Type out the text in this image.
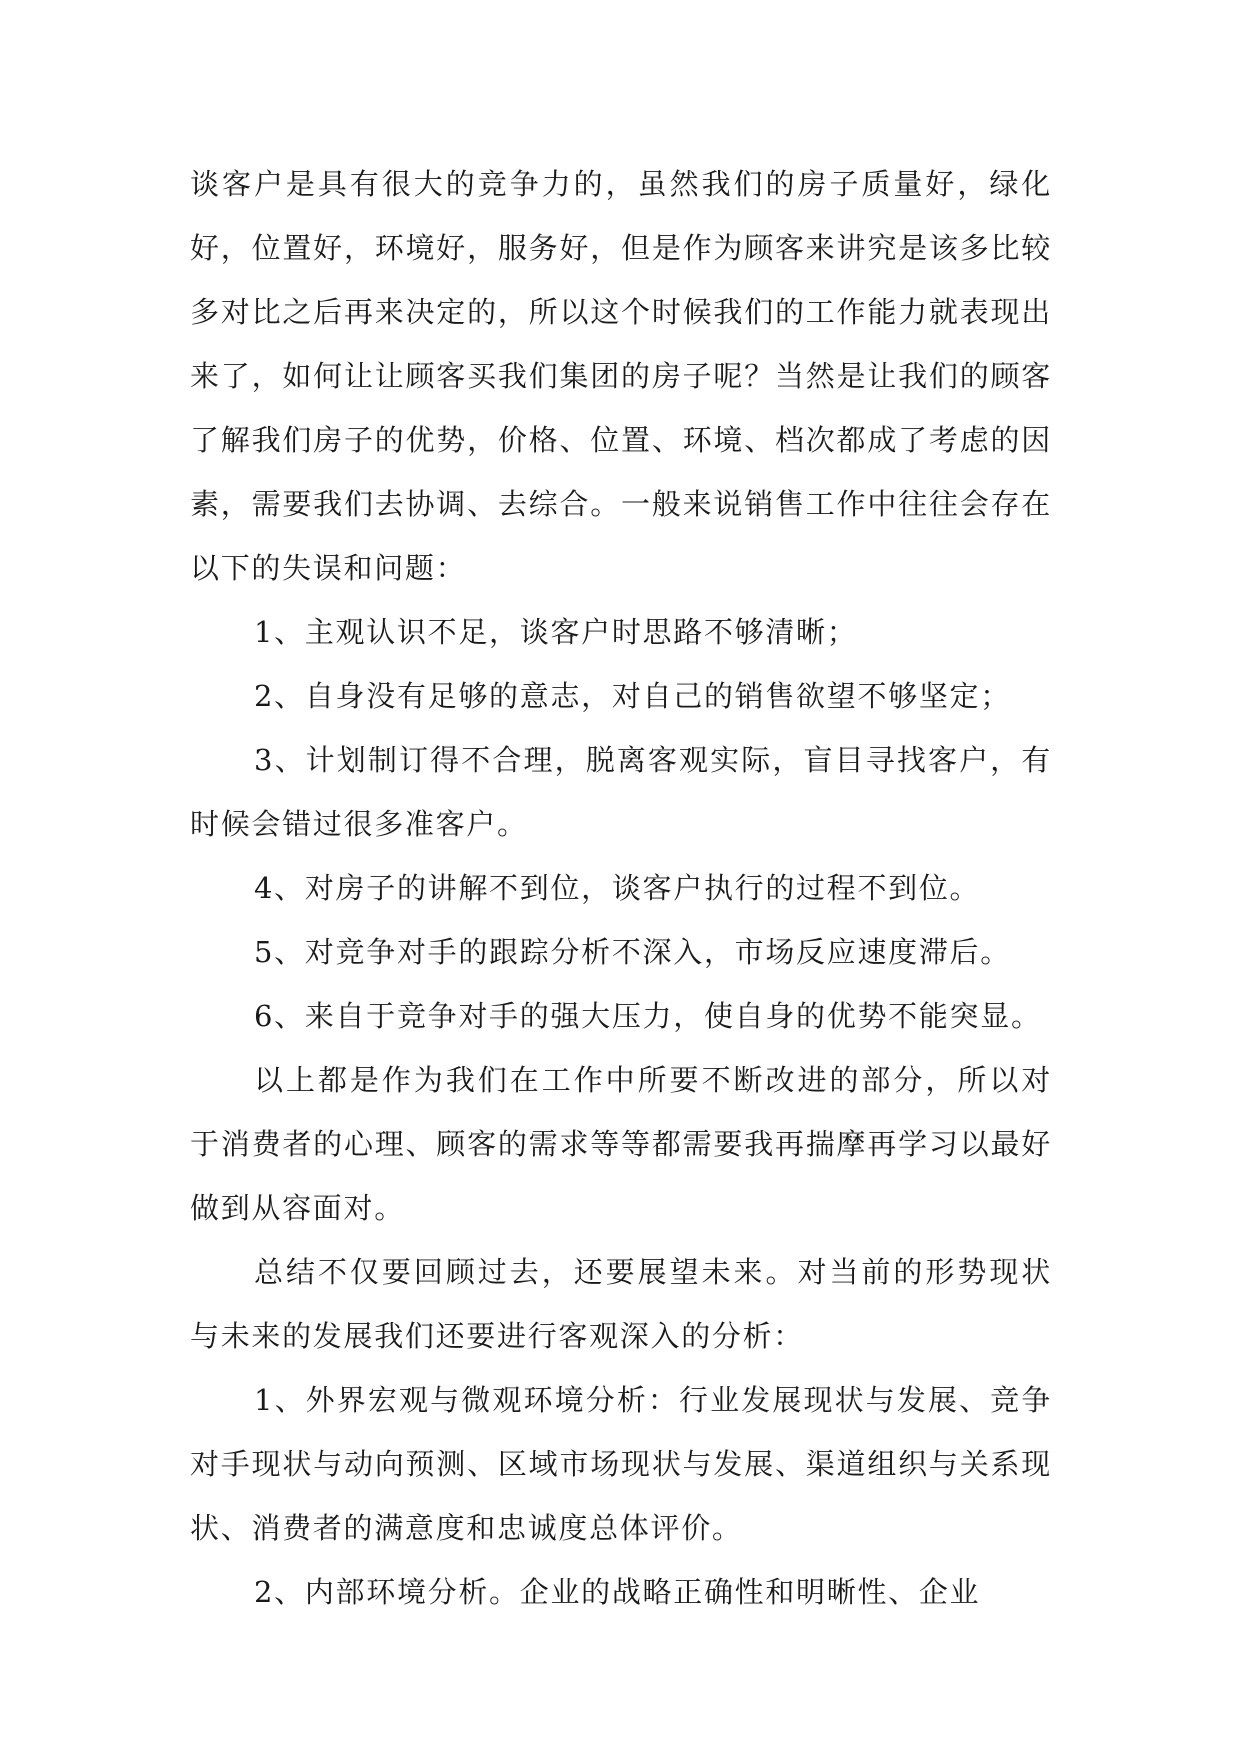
谈客户是具有很大的竞争力的，虽然我们的房子质量好，绿化好，位置好，环境好，服务好，但是作为顾客来讲究是该多比较多对比之后再来决定的，所以这个时候我们的工作能力就表现出来了，如何让让顾客买我们集团的房子呢？当然是让我们的顾客了解我们房子的优势，价格、位置、环境、档次都成了考虑的因素，需要我们去协调、去综合。一般来说销售工作中往往会存在以下的失误和问题：

1、主观认识不足，谈客户时思路不够清晰；

2、自身没有足够的意志，对自己的销售欲望不够坚定；

3、计划制订得不合理，脱离客观实际，盲目寻找客户，有时候会错过很多准客户。

4、对房子的讲解不到位，谈客户执行的过程不到位。

5、对竞争对手的跟踪分析不深入，市场反应速度滞后。

6、来自于竞争对手的强大压力，使自身的优势不能突显。

以上都是作为我们在工作中所要不断改进的部分，所以对于消费者的心理、顾客的需求等等都需要我再揣摩再学习以最好做到从容面对。

总结不仅要回顾过去，还要展望未来。对当前的形势现状与未来的发展我们还要进行客观深入的分析：

1、外界宏观与微观环境分析：行业发展现状与发展、竞争对手现状与动向预测、区域市场现状与发展、渠道组织与关系现状、消费者的满意度和忠诚度总体评价。

2、内部环境分析。企业的战略正确性和明晰性、企业
